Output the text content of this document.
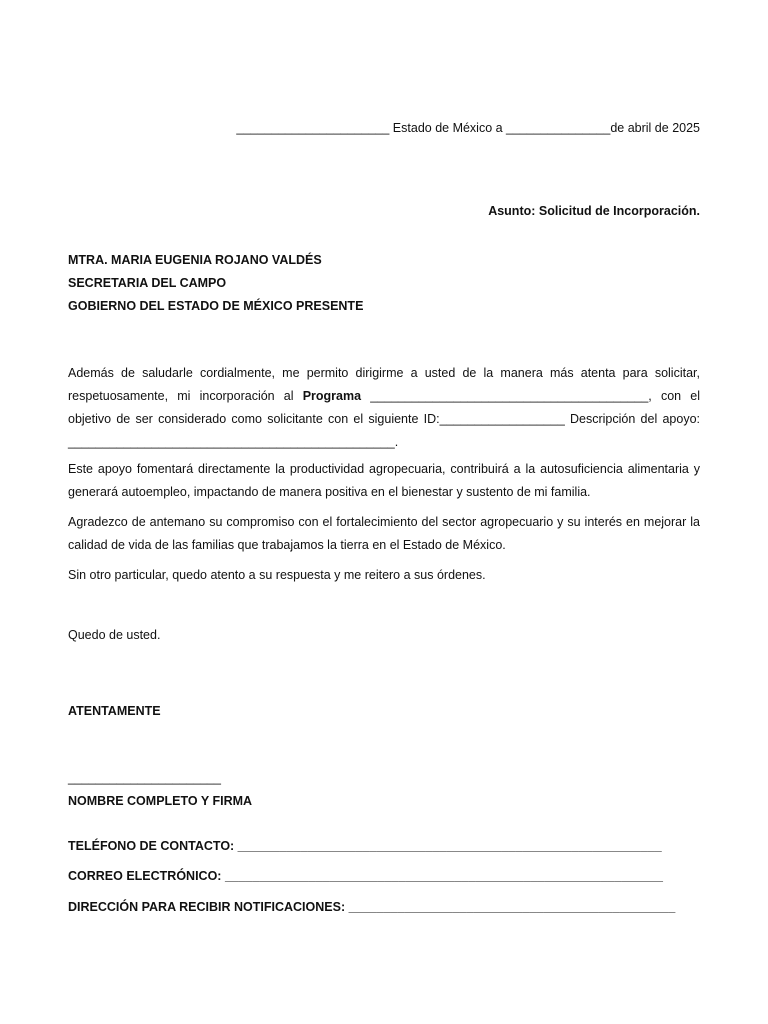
______________________ Estado de México a _______________de abril de 2025
Asunto: Solicitud de Incorporación.
MTRA. MARIA EUGENIA ROJANO VALDÉS
SECRETARIA DEL CAMPO
GOBIERNO DEL ESTADO DE MÉXICO PRESENTE

Además de saludarle cordialmente, me permito dirigirme a usted de la manera más atenta para solicitar, respetuosamente, mi incorporación al Programa ________________________________________, con el objetivo de ser considerado como solicitante con el siguiente ID:__________________ Descripción del apoyo: _______________________________________________.

Este apoyo fomentará directamente la productividad agropecuaria, contribuirá a la autosuficiencia alimentaria y generará autoempleo, impactando de manera positiva en el bienestar y sustento de mi familia.

Agradezco de antemano su compromiso con el fortalecimiento del sector agropecuario y su interés en mejorar la calidad de vida de las familias que trabajamos la tierra en el Estado de México.

Sin otro particular, quedo atento a su respuesta y me reitero a sus órdenes.

Quedo de usted.
ATENTAMENTE
______________________
NOMBRE COMPLETO Y FIRMA
TELÉFONO DE CONTACTO: _____________________________________________________________
CORREO ELECTRÓNICO: _______________________________________________________________
DIRECCIÓN PARA RECIBIR NOTIFICACIONES: _______________________________________________
